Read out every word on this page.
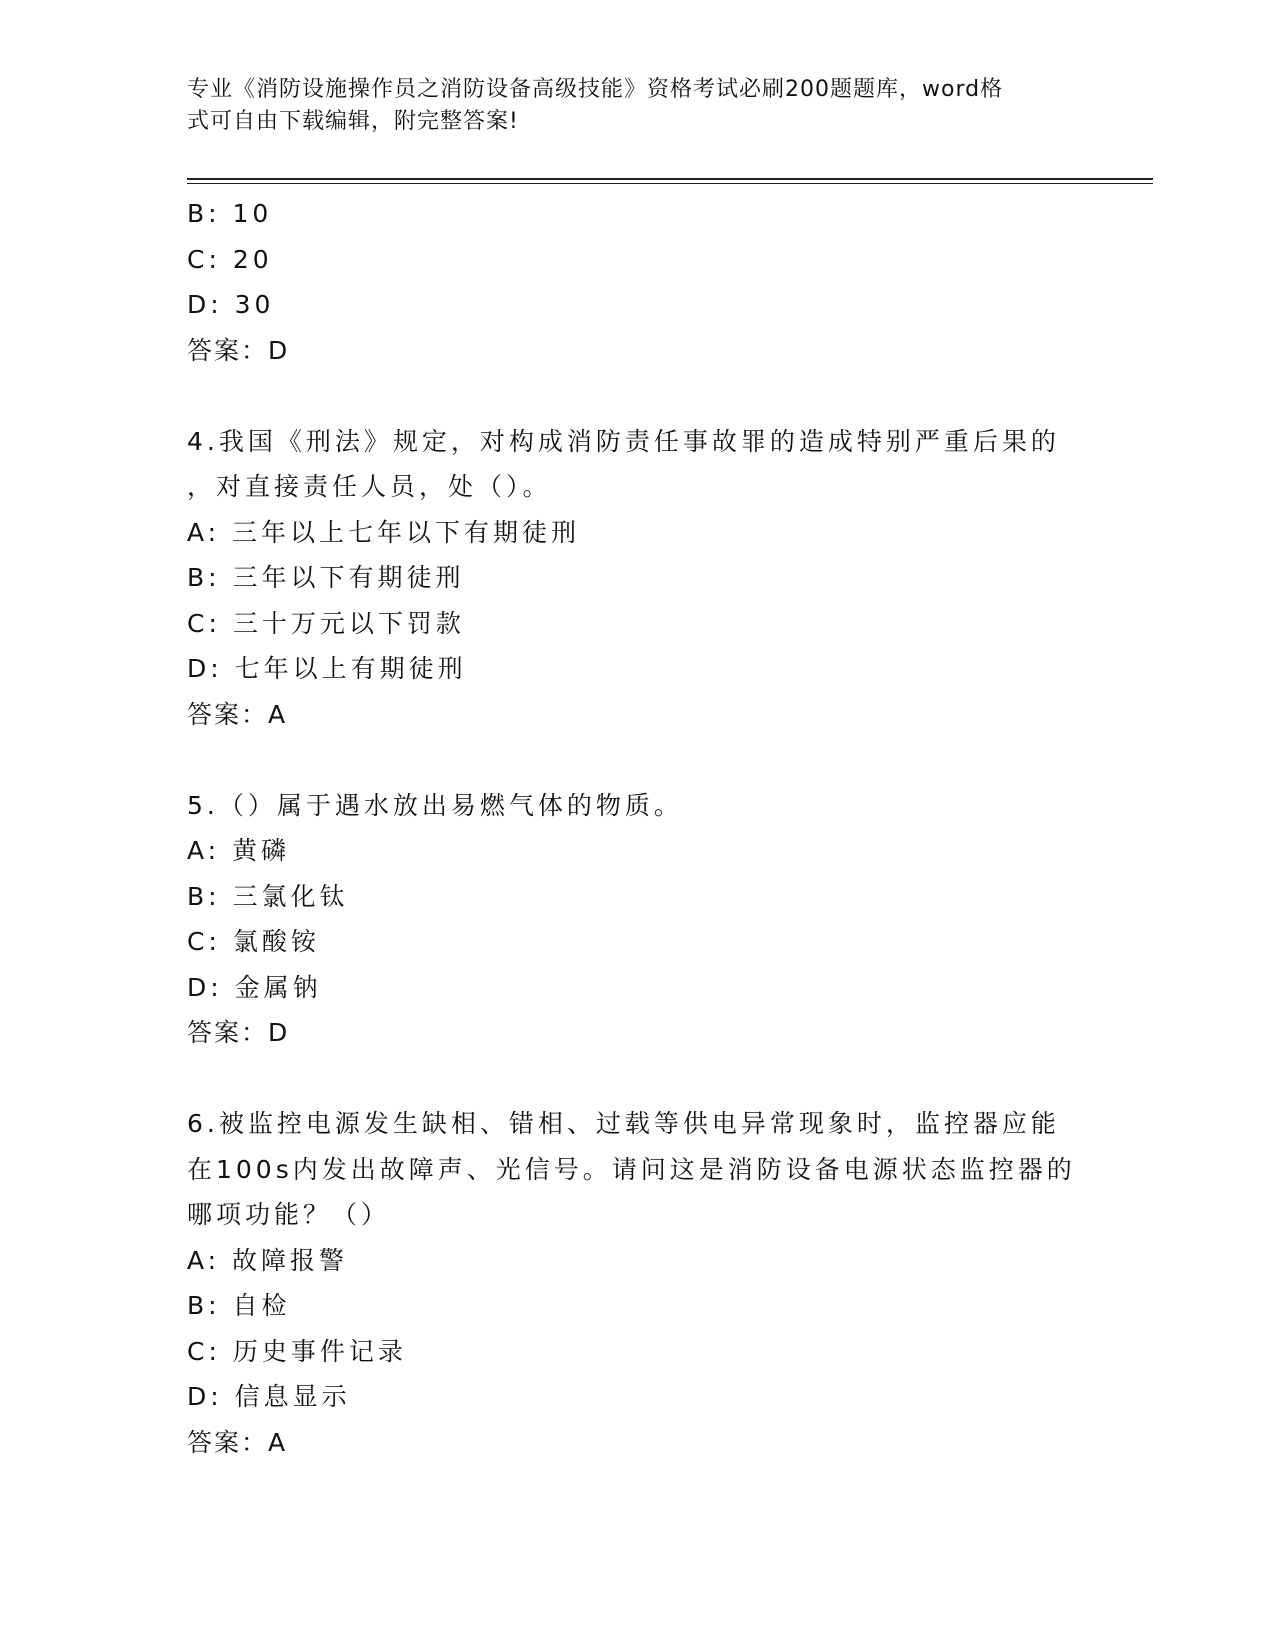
专业《消防设施操作员之消防设备高级技能》资格考试必刷200题题库，word格
式可自由下载编辑，附完整答案!
B: 10
C: 20
D: 30
答案：D
4.我国《刑法》规定，对构成消防责任事故罪的造成特别严重后果的
，对直接责任人员，处（）。
A: 三年以上七年以下有期徒刑
B: 三年以下有期徒刑
C: 三十万元以下罚款
D: 七年以上有期徒刑
答案：A
5.（）属于遇水放出易燃气体的物质。
A: 黄磷
B: 三氯化钛
C: 氯酸铵
D: 金属钠
答案：D
6.被监控电源发生缺相、错相、过载等供电异常现象时，监控器应能
在100s内发出故障声、光信号。请问这是消防设备电源状态监控器的
哪项功能？（）
A: 故障报警
B: 自检
C: 历史事件记录
D: 信息显示
答案：A
